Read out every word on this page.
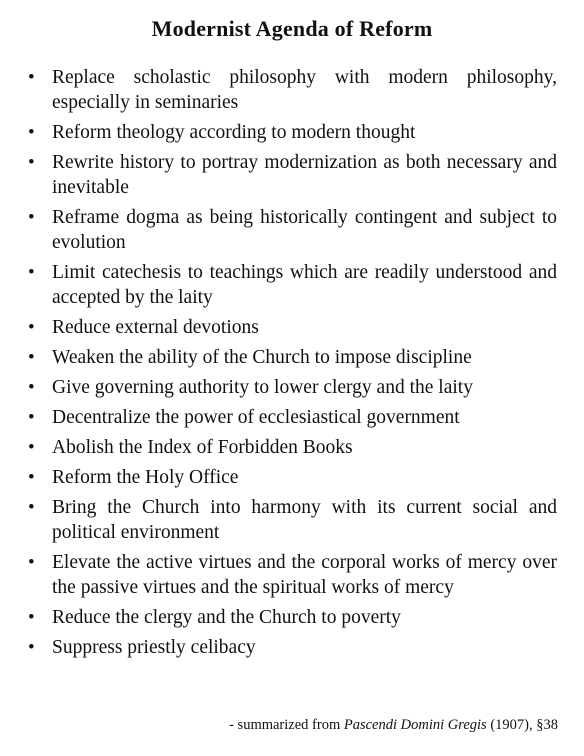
Modernist Agenda of Reform
• Replace scholastic philosophy with modern philosophy, especially in seminaries
• Reform theology according to modern thought
• Rewrite history to portray modernization as both necessary and inevitable
• Reframe dogma as being historically contingent and subject to evolution
• Limit catechesis to teachings which are readily understood and accepted by the laity
• Reduce external devotions
• Weaken the ability of the Church to impose discipline
• Give governing authority to lower clergy and the laity
• Decentralize the power of ecclesiastical government
• Abolish the Index of Forbidden Books
• Reform the Holy Office
• Bring the Church into harmony with its current social and political environment
• Elevate the active virtues and the corporal works of mercy over the passive virtues and the spiritual works of mercy
• Reduce the clergy and the Church to poverty
• Suppress priestly celibacy
- summarized from Pascendi Domini Gregis (1907), §38
